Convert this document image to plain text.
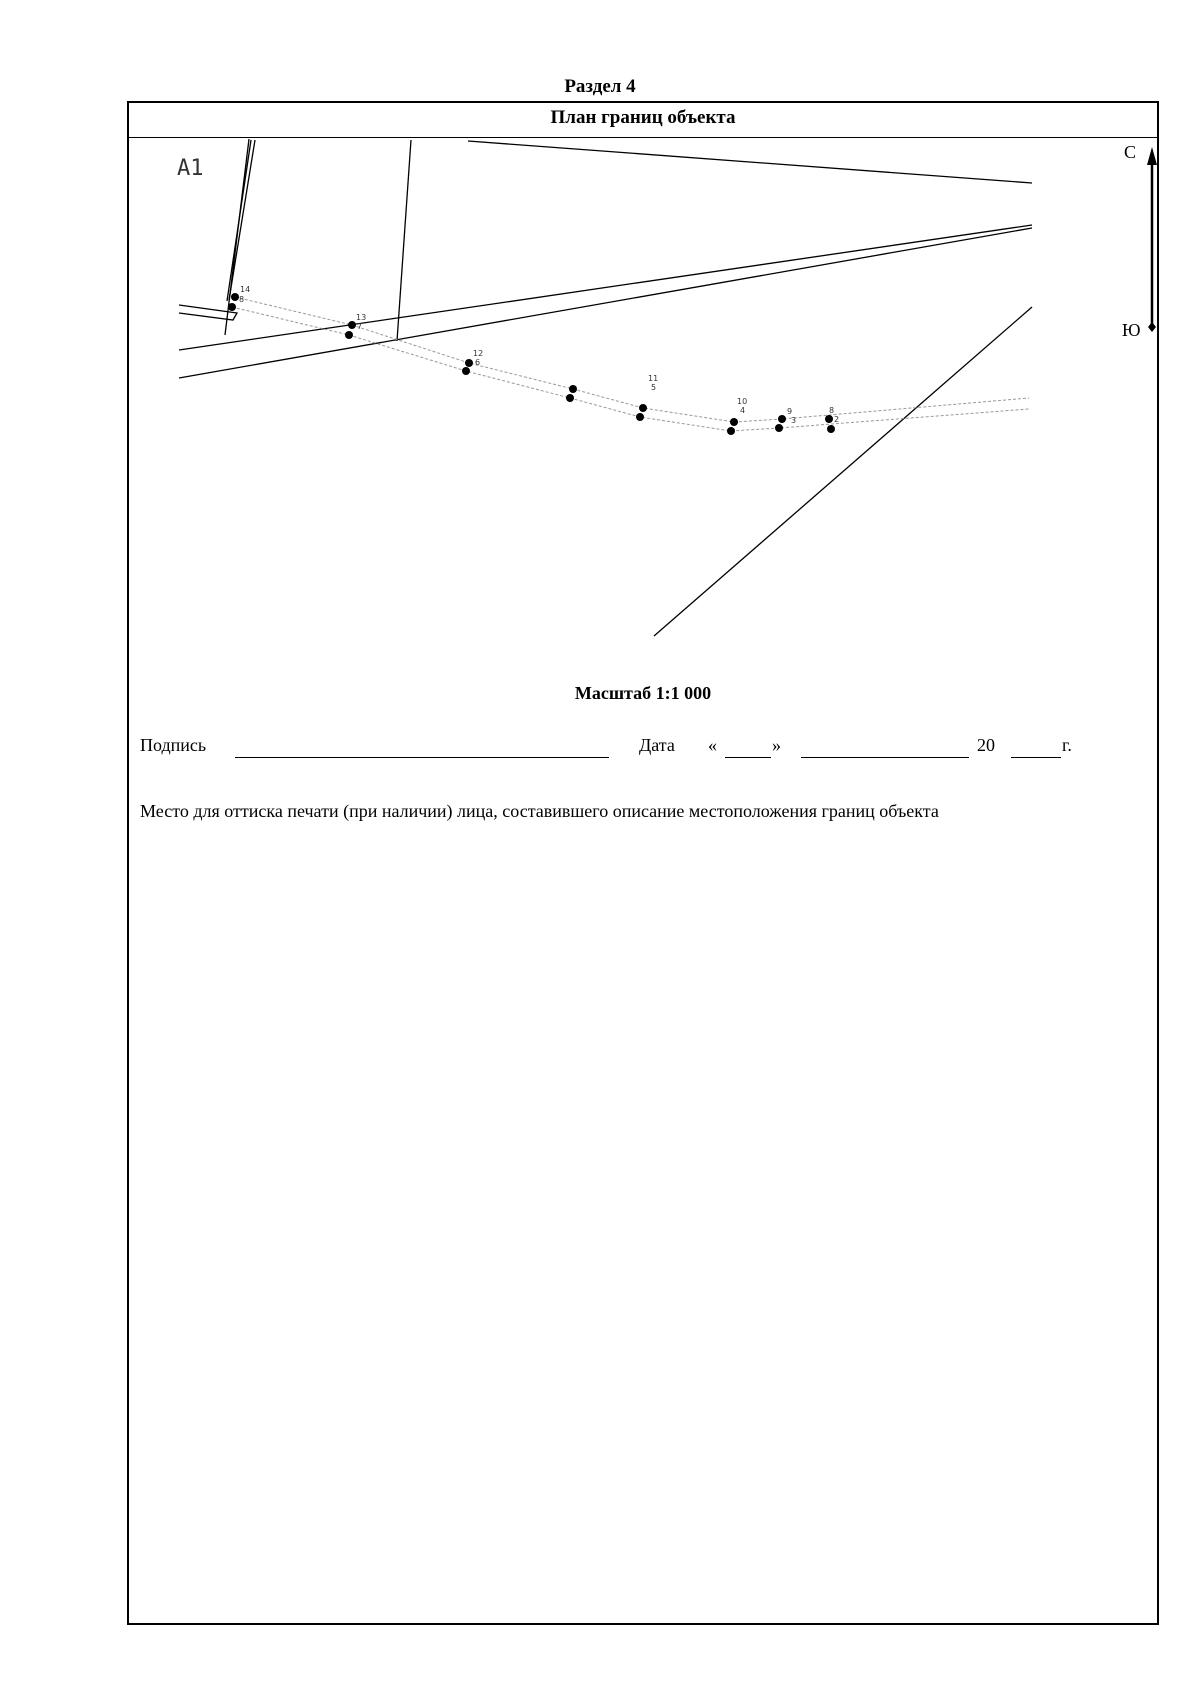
Раздел 4
План границ объекта
14
8
13
7
12
6
11
5
10
4	9
3
8
2
А1
С
Ю
Масштаб 1:1 000
Подпись	Дата «	»	20	г.
Место для оттиска печати (при наличии) лица, составившего описание местоположения границ объекта
